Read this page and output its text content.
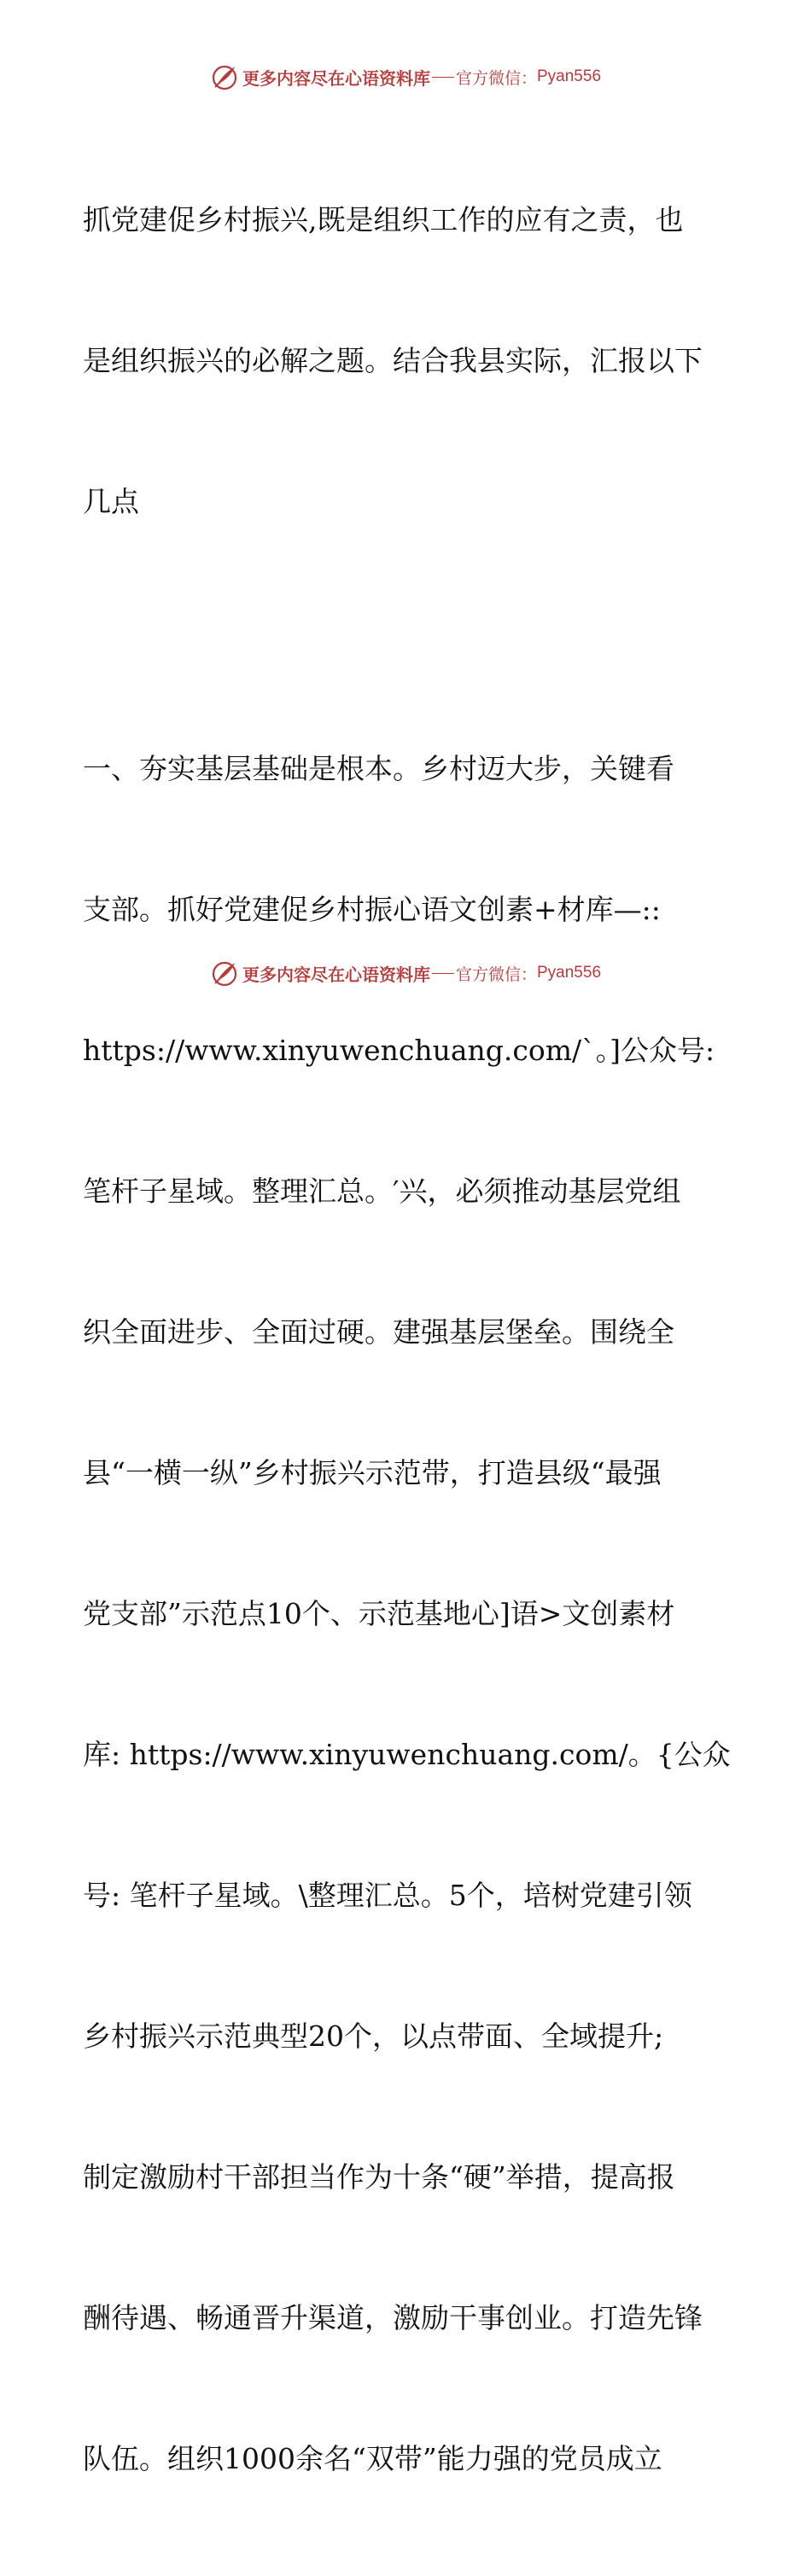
更多内容尽在心语资料库 官方微信： Pyan556

抓党建促乡村振兴,既是组织工作的应有之责，也

是组织振兴的必解之题。结合我县实际，汇报以下

几点

一、夯实基层基础是根本。乡村迈大步，关键看

支部。抓好党建促乡村振心语文创素+材库—::

https://www.xinyuwenchuang.com/`。]公众号:

笔杆子星域。整理汇总。′兴，必须推动基层党组

织全面进步、全面过硬。建强基层堡垒。围绕全

县“一横一纵”乡村振兴示范带，打造县级“最强

党支部”示范点10个、示范基地心]语>文创素材

库: https://www.xinyuwenchuang.com/。{公众

号: 笔杆子星域。\整理汇总。5个，培树党建引领

乡村振兴示范典型20个，以点带面、全域提升;

制定激励村干部担当作为十条“硬”举措，提高报

酬待遇、畅通晋升渠道，激励干事创业。打造先锋

队伍。组织1000余名“双带”能力强的党员成立

更多内容尽在心语资料库 官方微信： Pyan556
